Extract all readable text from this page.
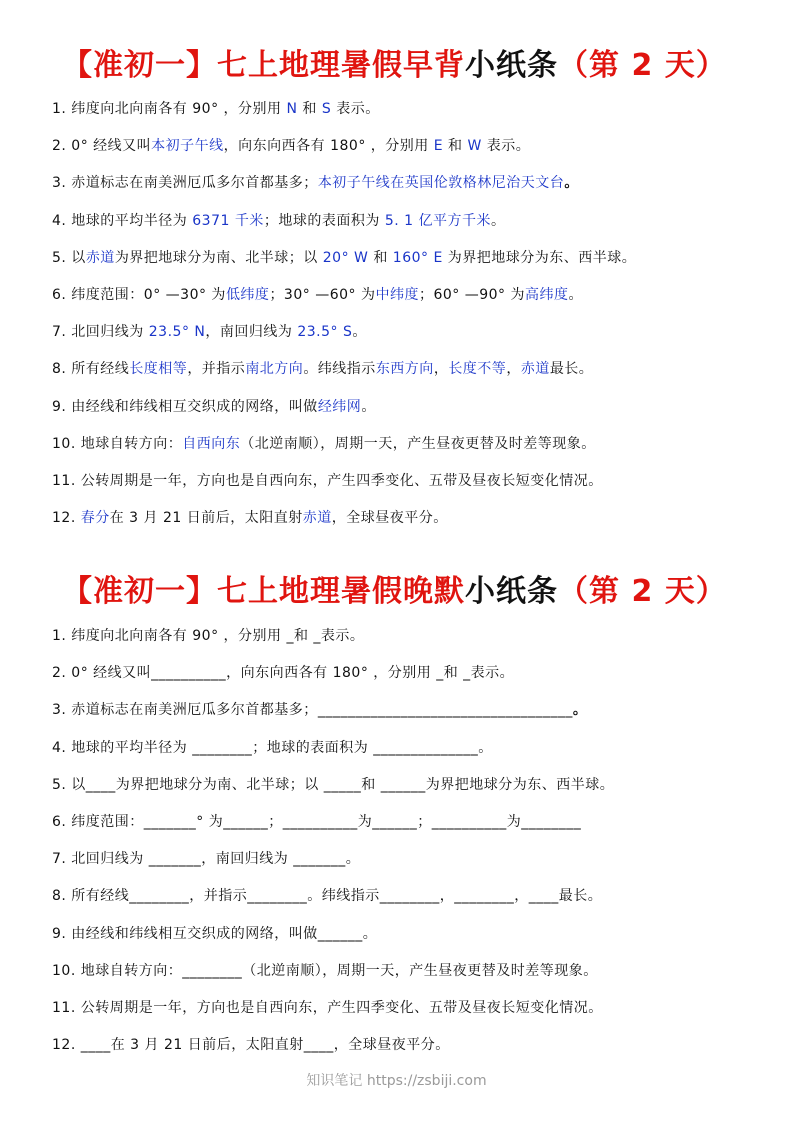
【准初一】七上地理暑假早背小纸条（第 2 天）
1. 纬度向北向南各有 90° ，分别用 N 和 S 表示。
2. 0° 经线又叫本初子午线，向东向西各有 180° ，分别用 E 和 W 表示。
3. 赤道标志在南美洲厄瓜多尔首都基多；本初子午线在英国伦敦格林尼治天文台。
4. 地球的平均半径为 6371 千米；地球的表面积为 5. 1 亿平方千米。
5. 以赤道为界把地球分为南、北半球；以 20° W 和 160° E 为界把地球分为东、西半球。
6. 纬度范围：0° —30° 为低纬度；30° —60° 为中纬度；60° —90° 为高纬度。
7. 北回归线为 23.5° N，南回归线为 23.5° S。
8. 所有经线长度相等，并指示南北方向。纬线指示东西方向，长度不等，赤道最长。
9. 由经线和纬线相互交织成的网络，叫做经纬网。
10. 地球自转方向：自西向东（北逆南顺），周期一天，产生昼夜更替及时差等现象。
11. 公转周期是一年，方向也是自西向东，产生四季变化、五带及昼夜长短变化情况。
12. 春分在 3 月 21 日前后，太阳直射赤道，全球昼夜平分。
【准初一】七上地理暑假晚默小纸条（第 2 天）
1. 纬度向北向南各有 90° ，分别用 _和 _表示。
2. 0° 经线又叫__________，向东向西各有 180° ，分别用 _和 _表示。
3. 赤道标志在南美洲厄瓜多尔首都基多；__________________________________。
4. 地球的平均半径为 ________；地球的表面积为 ______________。
5. 以____为界把地球分为南、北半球；以 _____和 ______为界把地球分为东、西半球。
6. 纬度范围：_______° 为______；__________为______；__________为________
7. 北回归线为 _______，南回归线为 _______。
8. 所有经线________，并指示________。纬线指示________，________，____最长。
9. 由经线和纬线相互交织成的网络，叫做______。
10. 地球自转方向：________（北逆南顺），周期一天，产生昼夜更替及时差等现象。
11. 公转周期是一年，方向也是自西向东，产生四季变化、五带及昼夜长短变化情况。
12. ____在 3 月 21 日前后，太阳直射____，全球昼夜平分。
知识笔记 https://zsbiji.com
